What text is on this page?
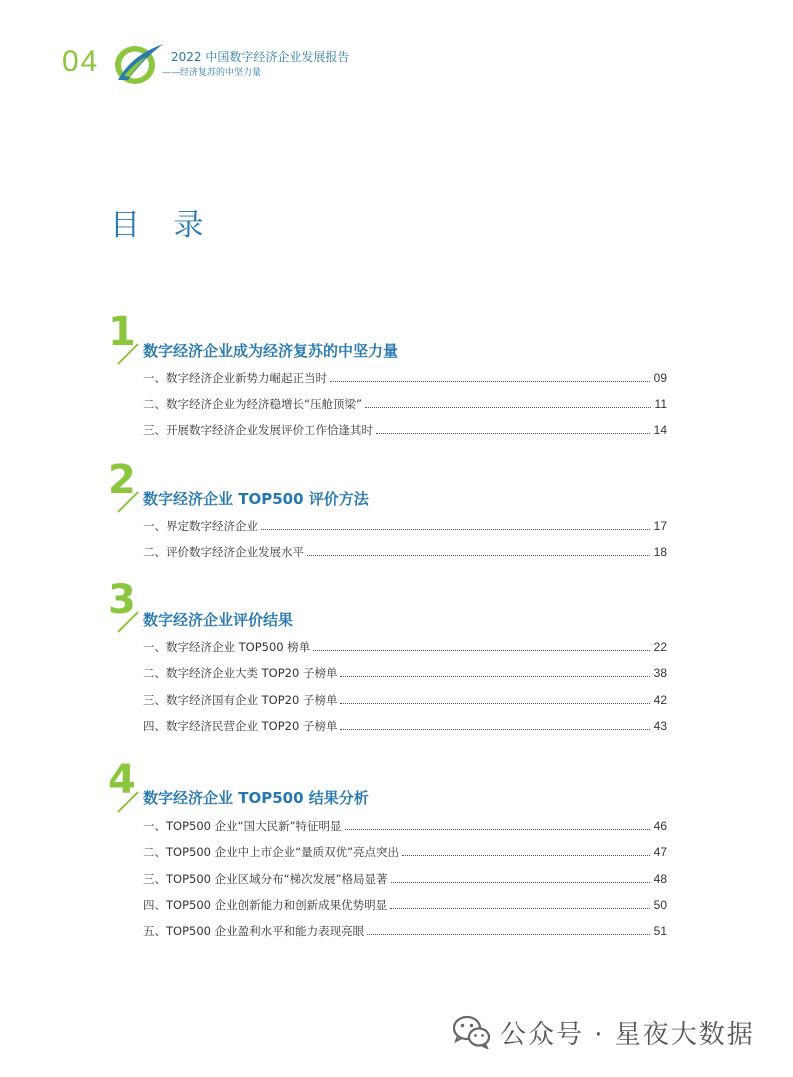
04	2022 中国数字经济企业发展报告
——经济复苏的中坚力量
目 录
1 数字经济企业成为经济复苏的中坚力量
一、数字经济企业新势力崛起正当时	09
二、数字经济企业为经济稳增长“压舱顶梁”	11
三、开展数字经济企业发展评价工作恰逢其时	14
2 数字经济企业 TOP500 评价方法
一、界定数字经济企业	17
二、评价数字经济企业发展水平	18
3 数字经济企业评价结果
一、数字经济企业 TOP500 榜单	22
二、数字经济企业大类 TOP20 子榜单	38
三、数字经济国有企业 TOP20 子榜单	42
四、数字经济民营企业 TOP20 子榜单	43
4 数字经济企业 TOP500 结果分析
一、TOP500 企业“国大民新”特征明显	46
二、TOP500 企业中上市企业“量质双优”亮点突出	47
三、TOP500 企业区域分布“梯次发展”格局显著	48
四、TOP500 企业创新能力和创新成果优势明显	50
五、TOP500 企业盈利水平和能力表现亮眼	51
公众号 · 星夜大数据
